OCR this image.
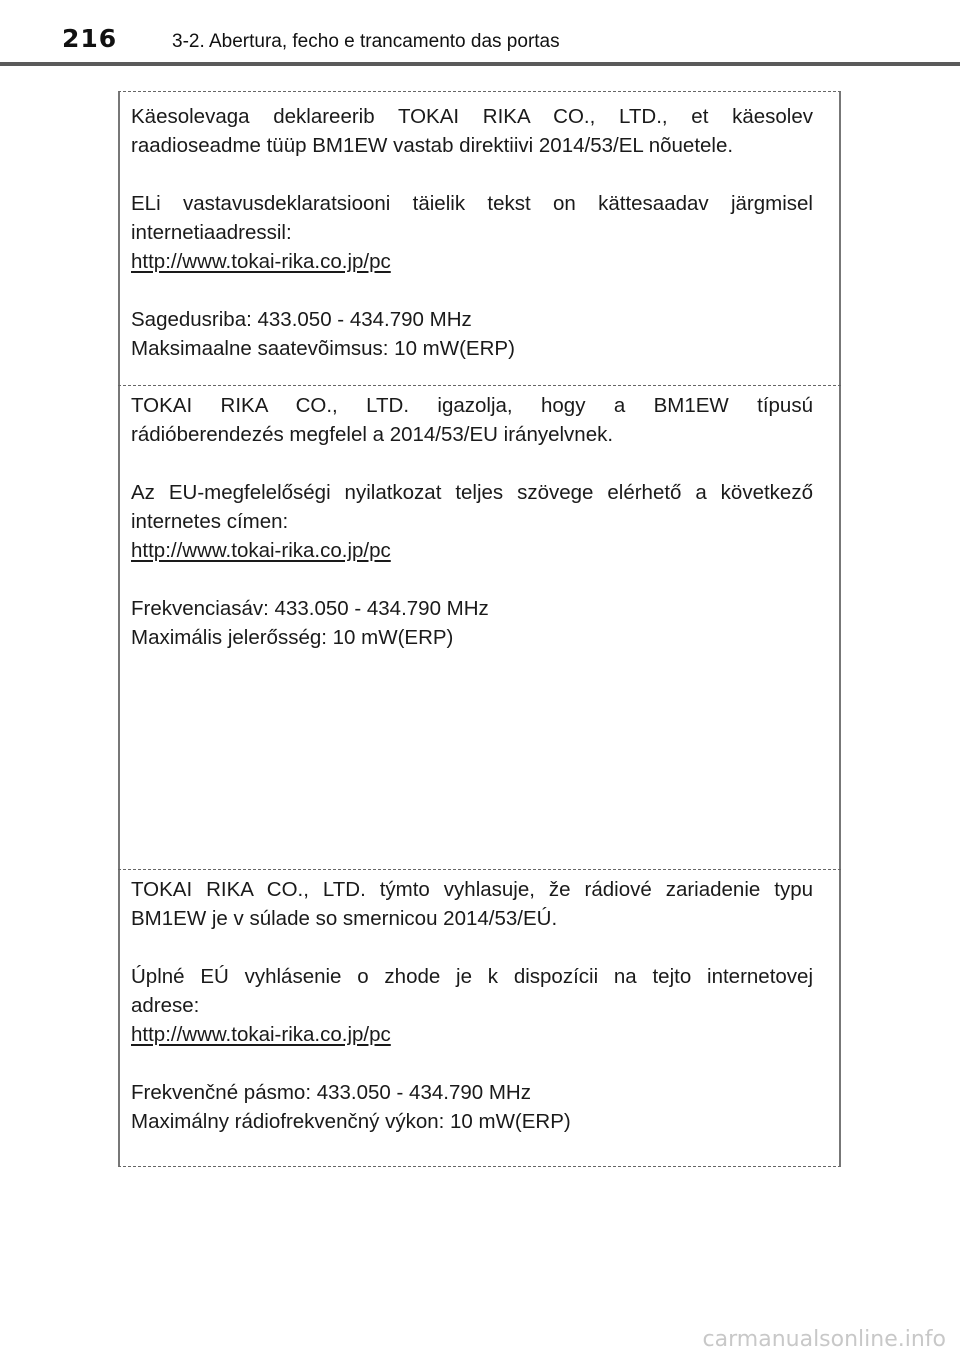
216	3-2. Abertura, fecho e trancamento das portas

Käesolevaga deklareerib TOKAI RIKA CO., LTD., et käesolev

raadioseadme tüüp BM1EW vastab direktiivi 2014/53/EL nõuetele.

ELi vastavusdeklaratsiooni täielik tekst on kättesaadav järgmisel

internetiaadressil:

http://www.tokai-rika.co.jp/pc

Sagedusriba: 433.050 - 434.790 MHz

Maksimaalne saatevõimsus: 10 mW(ERP)

TOKAI RIKA CO., LTD. igazolja, hogy a BM1EW típusú

rádióberendezés megfelel a 2014/53/EU irányelvnek.

Az EU-megfelelőségi nyilatkozat teljes szövege elérhető a következő

internetes címen:

http://www.tokai-rika.co.jp/pc

Frekvenciasáv: 433.050 - 434.790 MHz

Maximális jelerősség: 10 mW(ERP)

TOKAI RIKA CO., LTD. týmto vyhlasuje, že rádiové zariadenie typu

BM1EW je v súlade so smernicou 2014/53/EÚ.

Úplné EÚ vyhlásenie o zhode je k dispozícii na tejto internetovej

adrese:

http://www.tokai-rika.co.jp/pc

Frekvenčné pásmo: 433.050 - 434.790 MHz

Maximálny rádiofrekvenčný výkon: 10 mW(ERP)

carmanualsonline.info
